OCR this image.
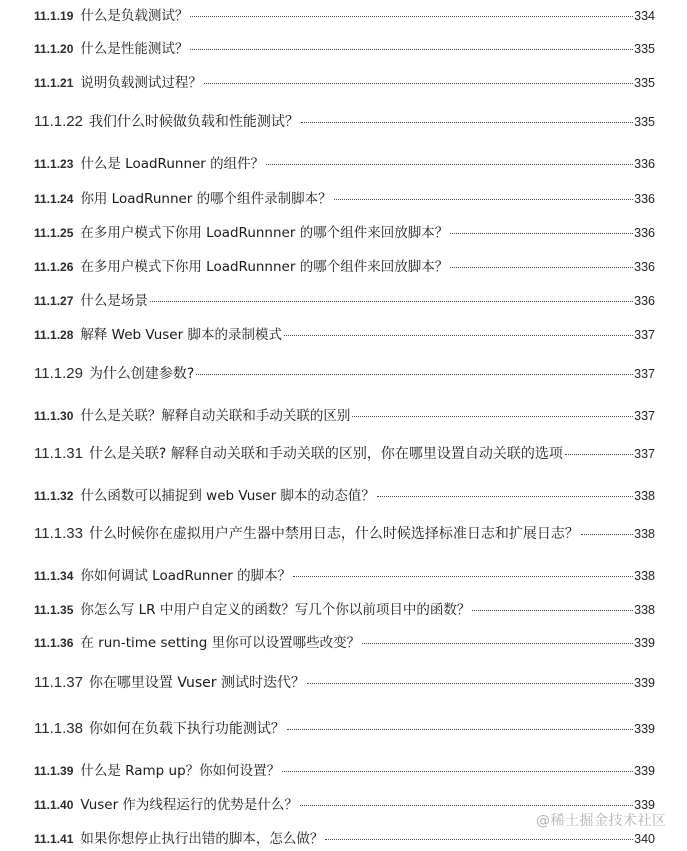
11.1.19 什么是负载测试？	334
11.1.20 什么是性能测试？	335
11.1.21 说明负载测试过程？	335
11.1.22 我们什么时候做负载和性能测试？	335
11.1.23 什么是 LoadRunner 的组件？	336
11.1.24 你用 LoadRunner 的哪个组件录制脚本？	336
11.1.25 在多用户模式下你用 LoadRunnner 的哪个组件来回放脚本？	336
11.1.26 在多用户模式下你用 LoadRunnner 的哪个组件来回放脚本？	336
11.1.27 什么是场景	336
11.1.28 解释 Web Vuser 脚本的录制模式	337
11.1.29 为什么创建参数?	337
11.1.30 什么是关联？解释自动关联和手动关联的区别	337
11.1.31 什么是关联? 解释自动关联和手动关联的区别，你在哪里设置自动关联的选项	337
11.1.32 什么函数可以捕捉到 web Vuser 脚本的动态值？	338
11.1.33 什么时候你在虚拟用户产生器中禁用日志，什么时候选择标准日志和扩展日志？	338
11.1.34 你如何调试 LoadRunner 的脚本？	338
11.1.35 你怎么写 LR 中用户自定义的函数？写几个你以前项目中的函数？	338
11.1.36 在 run-time setting 里你可以设置哪些改变？	339
11.1.37 你在哪里设置 Vuser 测试时迭代？	339
11.1.38 你如何在负载下执行功能测试？	339
11.1.39 什么是 Ramp up？你如何设置？	339
11.1.40 Vuser 作为线程运行的优势是什么？	339
11.1.41 如果你想停止执行出错的脚本，怎么做？	340
@稀土掘金技术社区
